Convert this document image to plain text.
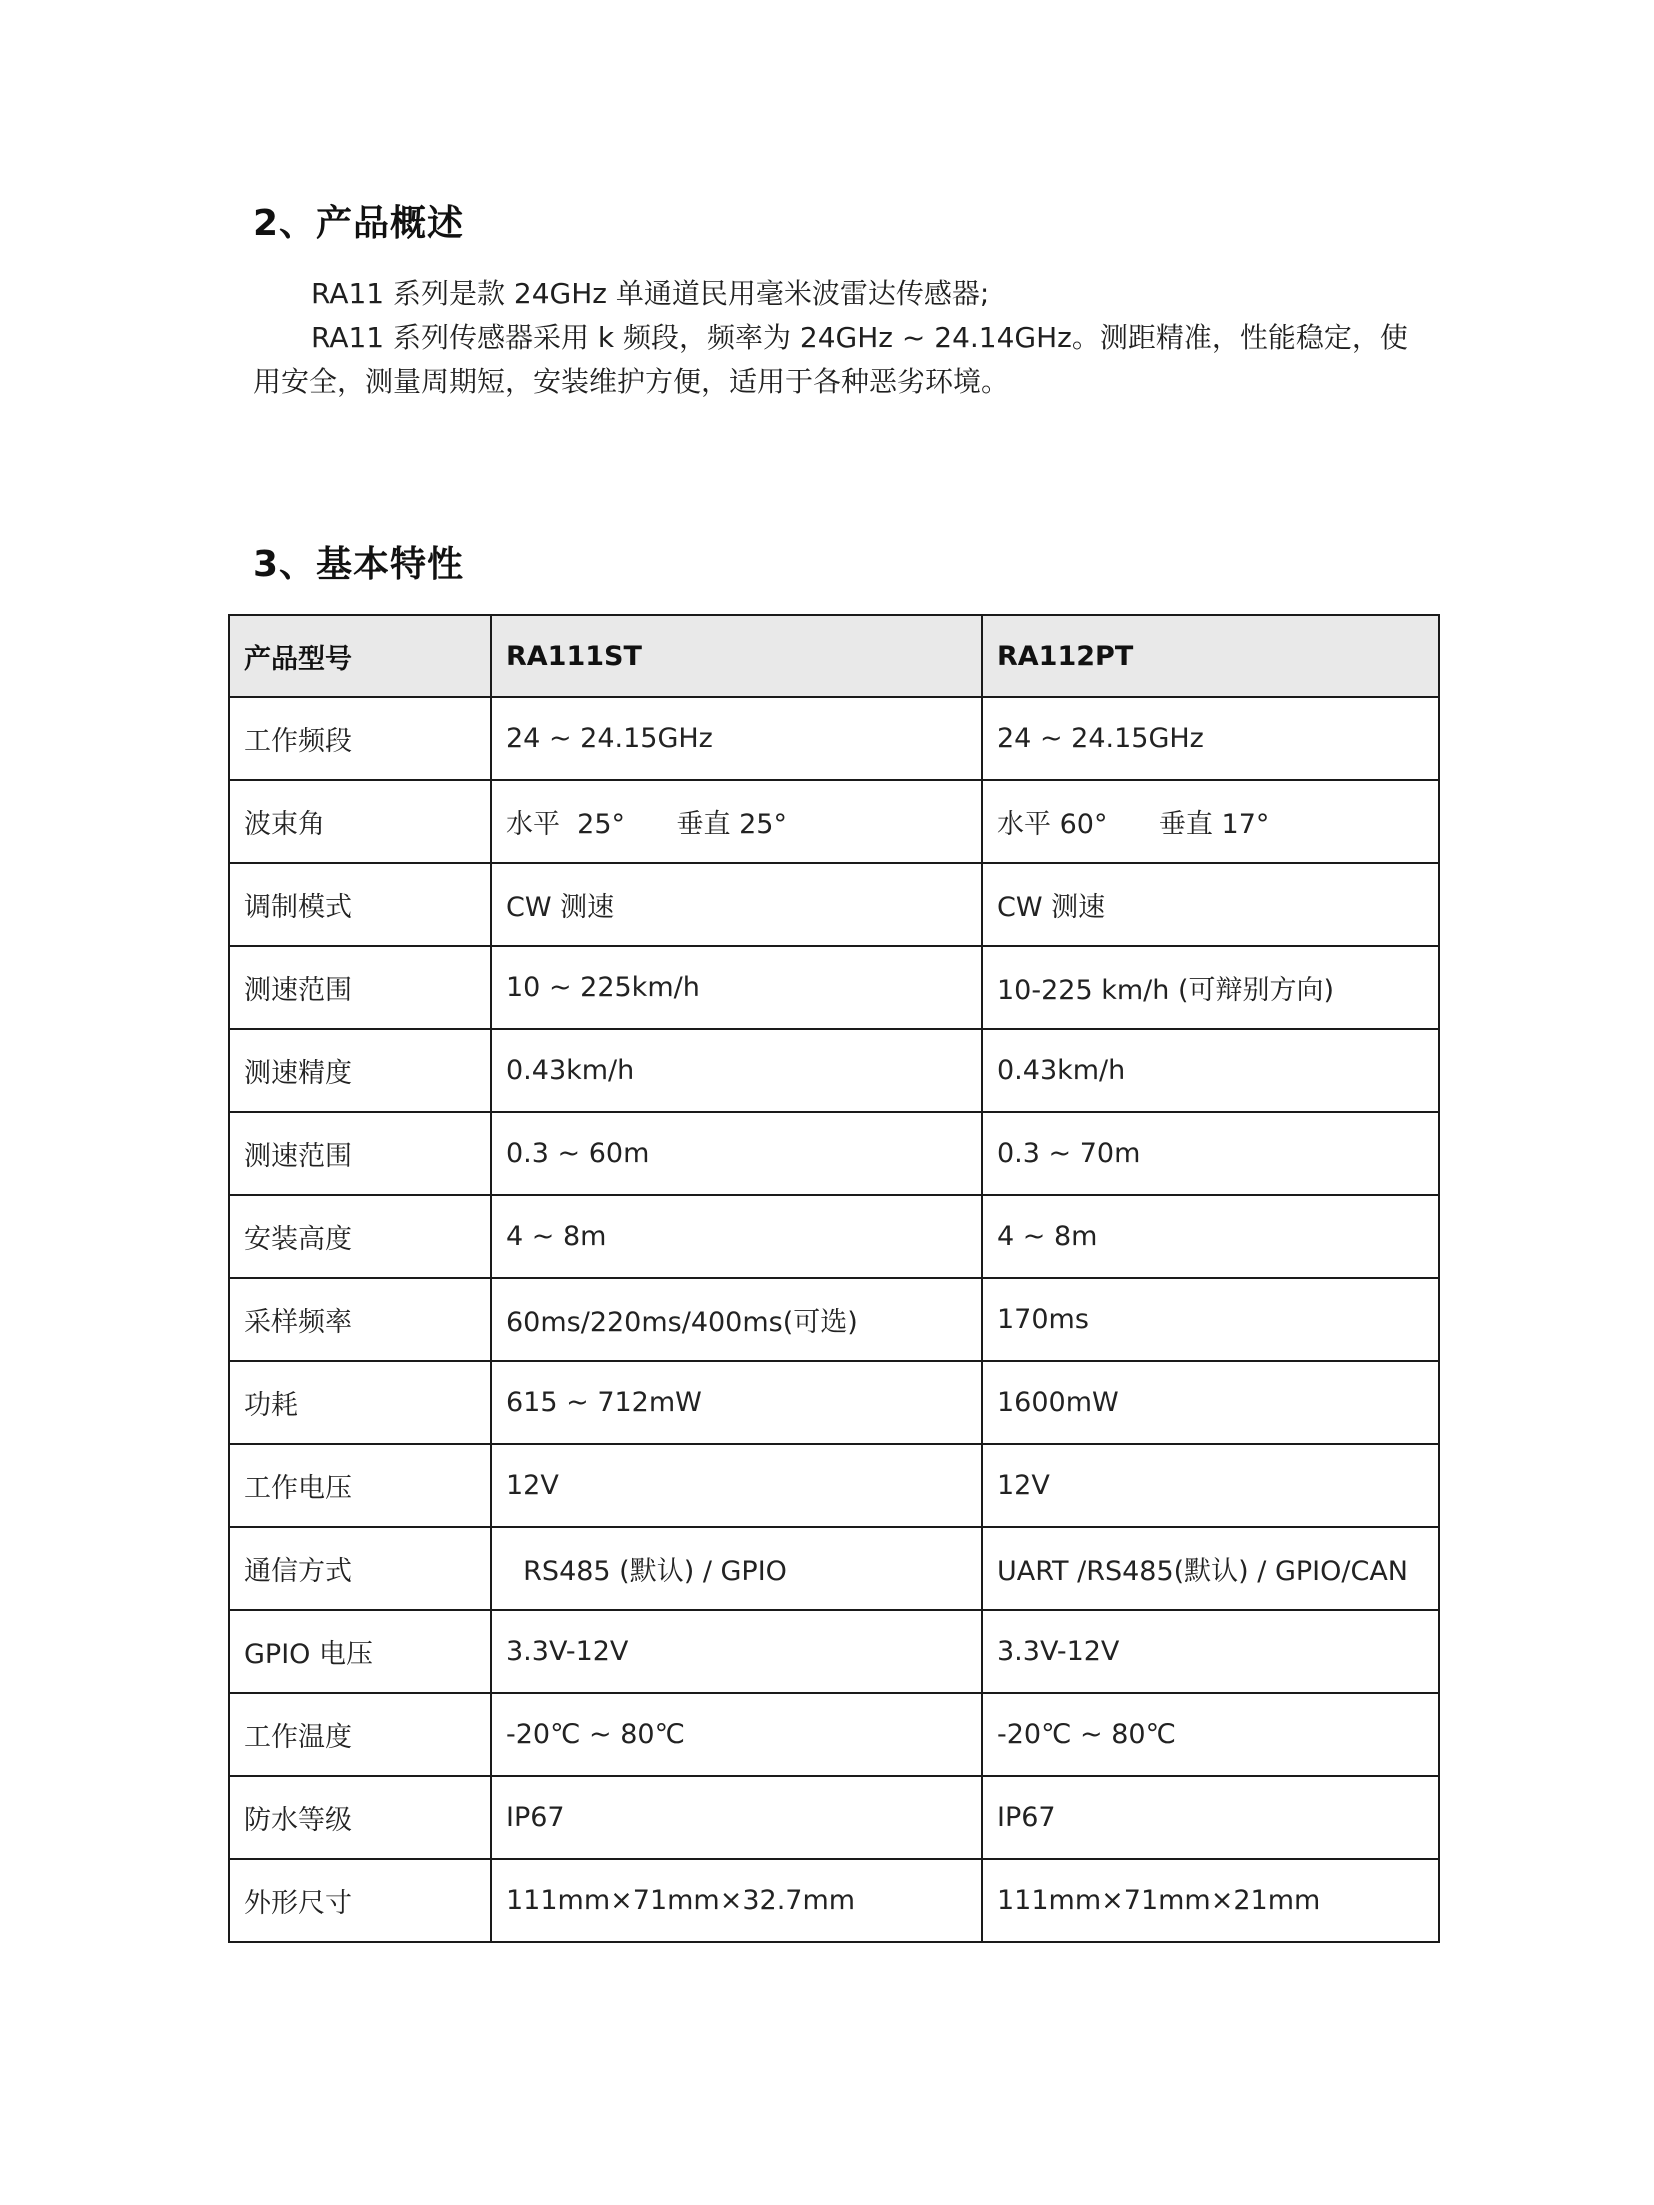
2、产品概述
RA11 系列是款 24GHz 单通道民用毫米波雷达传感器;
RA11 系列传感器采用 k 频段，频率为 24GHz ~ 24.14GHz。测距精准，性能稳定，使用安全，测量周期短，安装维护方便，适用于各种恶劣环境。
3、基本特性
产品型号	RA111ST	RA112PT
工作频段	24 ~ 24.15GHz	24 ~ 24.15GHz
波束角	水平  25°      垂直 25°	水平 60°      垂直 17°
调制模式	CW 测速	CW 测速
测速范围	10 ~ 225km/h	10-225 km/h (可辩别方向)
测速精度	0.43km/h	0.43km/h
测速范围	0.3 ~ 60m	0.3 ~ 70m
安装高度	4 ~ 8m	4 ~ 8m
采样频率	60ms/220ms/400ms(可选)	170ms
功耗	615 ~ 712mW	1600mW
工作电压	12V	12V
通信方式	RS485 (默认) / GPIO	UART /RS485(默认) / GPIO/CAN
GPIO 电压	3.3V-12V	3.3V-12V
工作温度	-20℃ ~ 80℃	-20℃ ~ 80℃
防水等级	IP67	IP67
外形尺寸	111mm×71mm×32.7mm	111mm×71mm×21mm
